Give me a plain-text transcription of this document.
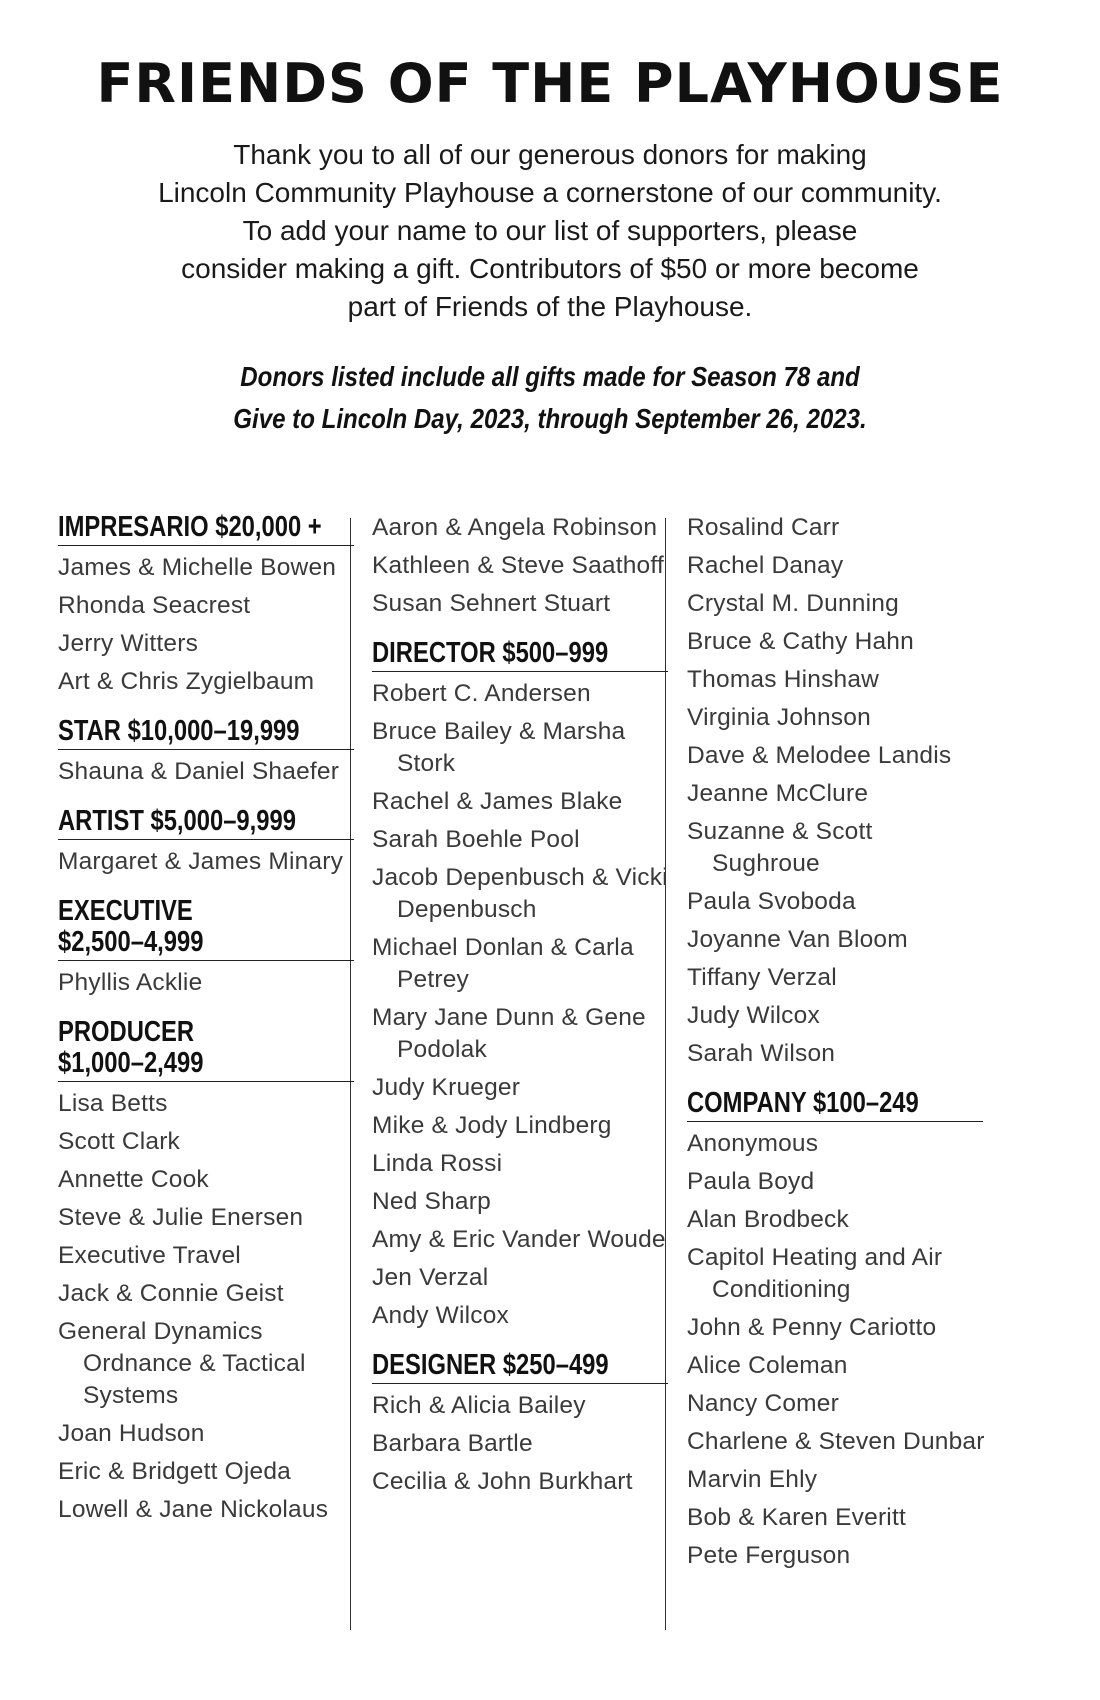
FRIENDS OF THE PLAYHOUSE

Thank you to all of our generous donors for making
Lincoln Community Playhouse a cornerstone of our community.
To add your name to our list of supporters, please
consider making a gift. Contributors of $50 or more become
part of Friends of the Playhouse.

Donors listed include all gifts made for Season 78 and
Give to Lincoln Day, 2023, through September 26, 2023.

IMPRESARIO $20,000 +
James & Michelle Bowen
Rhonda Seacrest
Jerry Witters
Art & Chris Zygielbaum
STAR $10,000–19,999
Shauna & Daniel Shaefer
ARTIST $5,000–9,999
Margaret & James Minary
EXECUTIVE
$2,500–4,999
Phyllis Acklie
PRODUCER
$1,000–2,499
Lisa Betts
Scott Clark
Annette Cook
Steve & Julie Enersen
Executive Travel
Jack & Connie Geist
General Dynamics Ordnance & Tactical Systems
Joan Hudson
Eric & Bridgett Ojeda
Lowell & Jane Nickolaus
Aaron & Angela Robinson
Kathleen & Steve Saathoff
Susan Sehnert Stuart
DIRECTOR $500–999
Robert C. Andersen
Bruce Bailey & Marsha Stork
Rachel & James Blake
Sarah Boehle Pool
Jacob Depenbusch & Vicki Depenbusch
Michael Donlan & Carla Petrey
Mary Jane Dunn & Gene Podolak
Judy Krueger
Mike & Jody Lindberg
Linda Rossi
Ned Sharp
Amy & Eric Vander Woude
Jen Verzal
Andy Wilcox
DESIGNER $250–499
Rich & Alicia Bailey
Barbara Bartle
Cecilia & John Burkhart
Rosalind Carr
Rachel Danay
Crystal M. Dunning
Bruce & Cathy Hahn
Thomas Hinshaw
Virginia Johnson
Dave & Melodee Landis
Jeanne McClure
Suzanne & Scott Sughroue
Paula Svoboda
Joyanne Van Bloom
Tiffany Verzal
Judy Wilcox
Sarah Wilson
COMPANY $100–249
Anonymous
Paula Boyd
Alan Brodbeck
Capitol Heating and Air Conditioning
John & Penny Cariotto
Alice Coleman
Nancy Comer
Charlene & Steven Dunbar
Marvin Ehly
Bob & Karen Everitt
Pete Ferguson
